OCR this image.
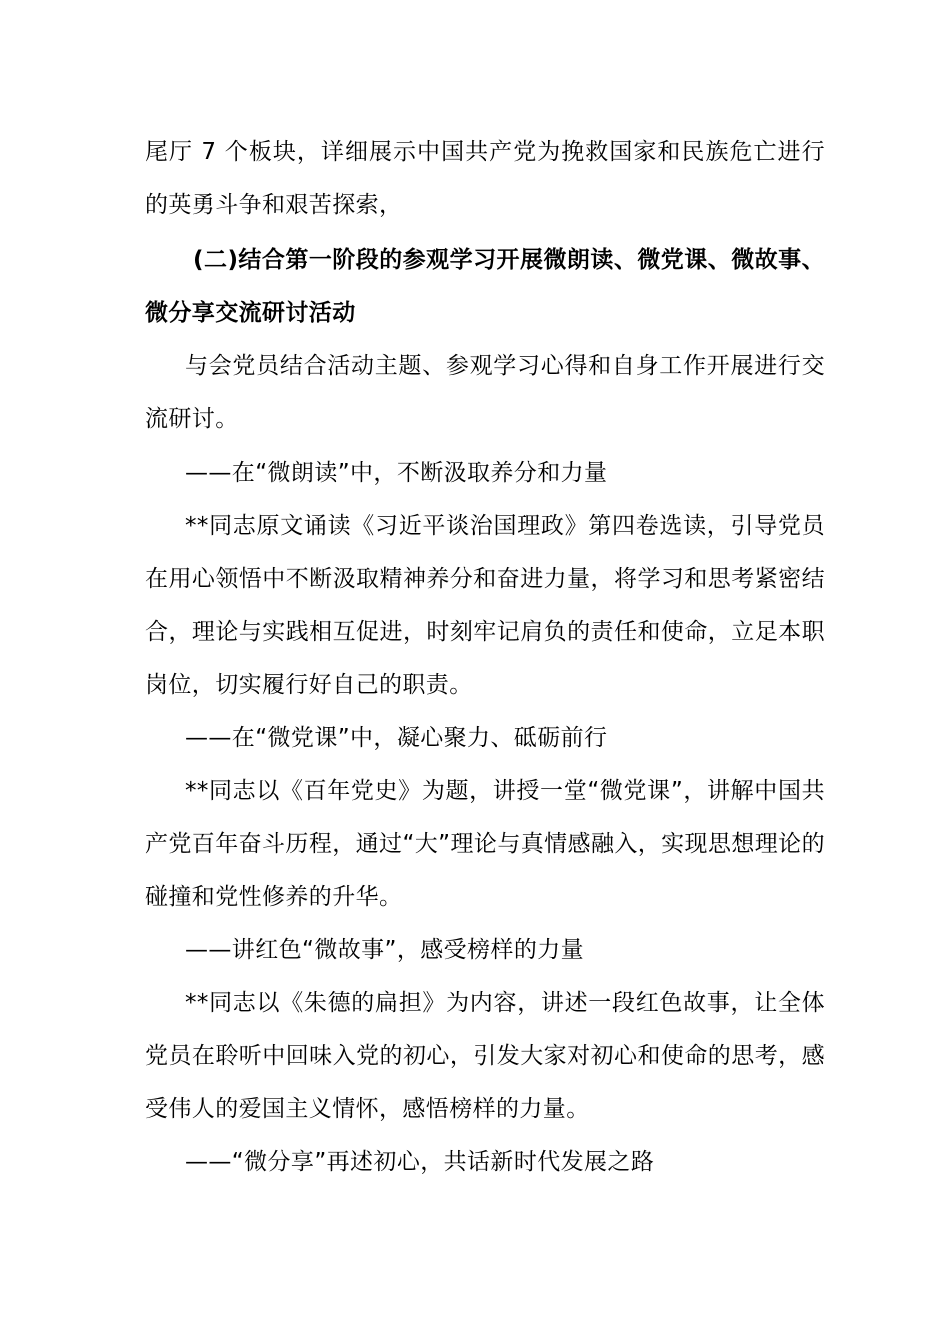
尾厅 7 个板块，详细展示中国共产党为挽救国家和民族危亡进行的英勇斗争和艰苦探索，

(二)结合第一阶段的参观学习开展微朗读、微党课、微故事、微分享交流研讨活动

与会党员结合活动主题、参观学习心得和自身工作开展进行交流研讨。

——在“微朗读”中，不断汲取养分和力量

**同志原文诵读《习近平谈治国理政》第四卷选读，引导党员在用心领悟中不断汲取精神养分和奋进力量，将学习和思考紧密结合，理论与实践相互促进，时刻牢记肩负的责任和使命，立足本职岗位，切实履行好自己的职责。

——在“微党课”中，凝心聚力、砥砺前行

**同志以《百年党史》为题，讲授一堂“微党课”，讲解中国共产党百年奋斗历程，通过“大”理论与真情感融入，实现思想理论的碰撞和党性修养的升华。

——讲红色“微故事”，感受榜样的力量

**同志以《朱德的扁担》为内容，讲述一段红色故事，让全体党员在聆听中回味入党的初心，引发大家对初心和使命的思考，感受伟人的爱国主义情怀，感悟榜样的力量。

——“微分享”再述初心，共话新时代发展之路
